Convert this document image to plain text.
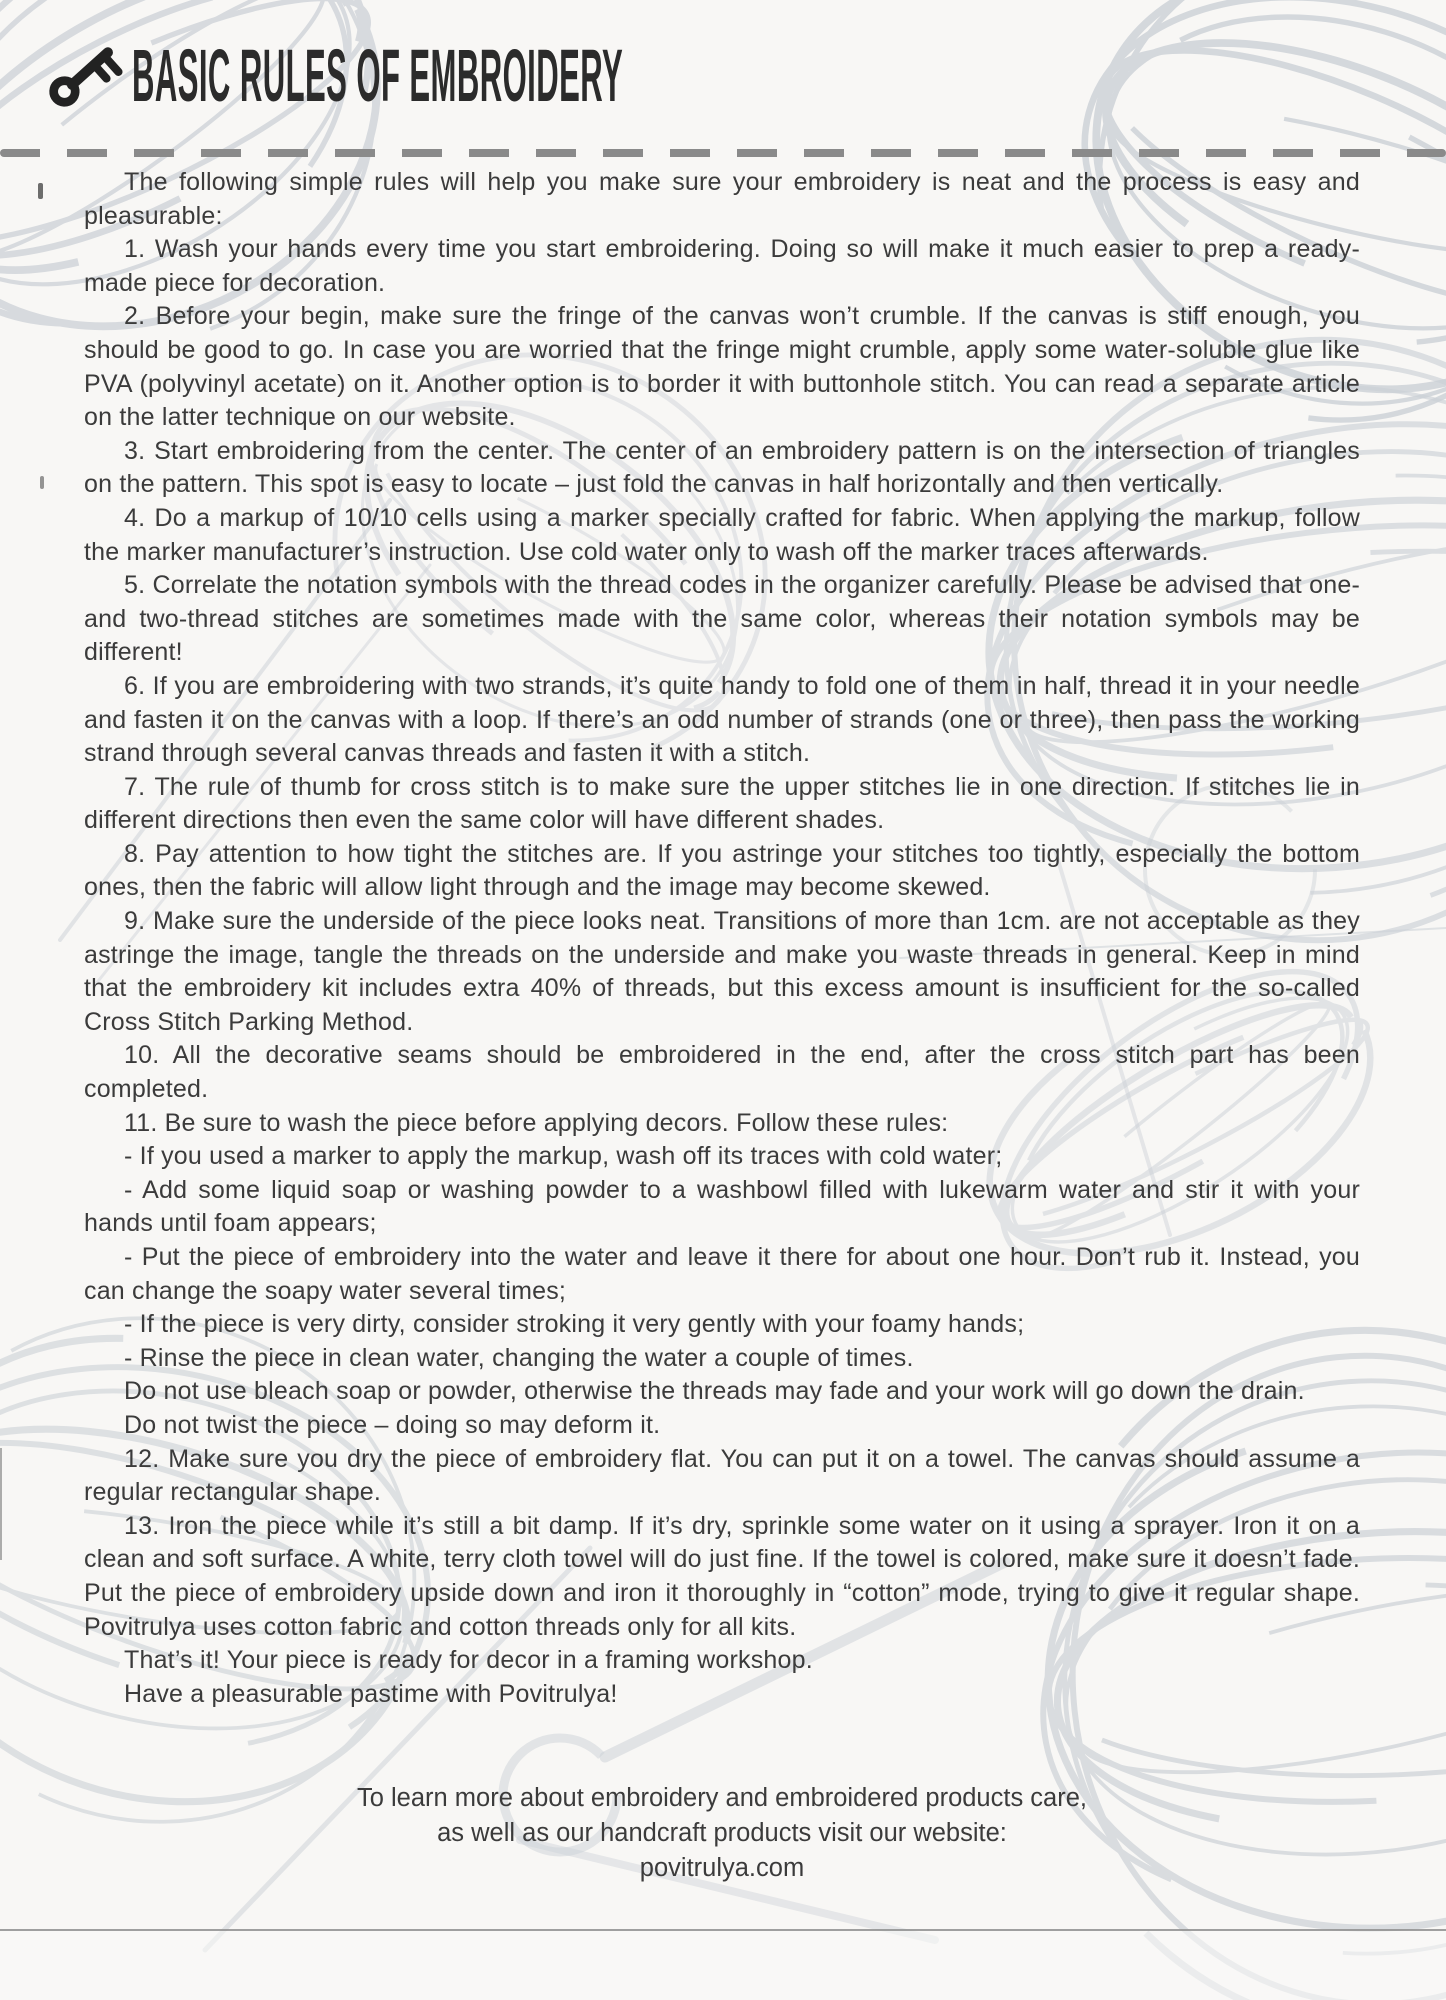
BASIC RULES OF EMBROIDERY

The following simple rules will help you make sure your embroidery is neat and the process is easy and pleasurable:

1. Wash your hands every time you start embroidering. Doing so will make it much easier to prep a ready-made piece for decoration.

2. Before your begin, make sure the fringe of the canvas won’t crumble. If the canvas is stiff enough, you should be good to go. In case you are worried that the fringe might crumble, apply some water-soluble glue like PVA (polyvinyl acetate) on it. Another option is to border it with buttonhole stitch. You can read a separate article on the latter technique on our website.

3. Start embroidering from the center. The center of an embroidery pattern is on the intersection of triangles on the pattern. This spot is easy to locate – just fold the canvas in half horizontally and then vertically.

4. Do a markup of 10/10 cells using a marker specially crafted for fabric. When applying the markup, follow the marker manufacturer’s instruction. Use cold water only to wash off the marker traces afterwards.

5. Correlate the notation symbols with the thread codes in the organizer carefully. Please be advised that one- and two-thread stitches are sometimes made with the same color, whereas their notation symbols may be different!

6. If you are embroidering with two strands, it’s quite handy to fold one of them in half, thread it in your needle and fasten it on the canvas with a loop. If there’s an odd number of strands (one or three), then pass the working strand through several canvas threads and fasten it with a stitch.

7. The rule of thumb for cross stitch is to make sure the upper stitches lie in one direction. If stitches lie in different directions then even the same color will have different shades.

8. Pay attention to how tight the stitches are. If you astringe your stitches too tightly, especially the bottom ones, then the fabric will allow light through and the image may become skewed.

9. Make sure the underside of the piece looks neat. Transitions of more than 1cm. are not acceptable as they astringe the image, tangle the threads on the underside and make you waste threads in general. Keep in mind that the embroidery kit includes extra 40% of threads, but this excess amount is insufficient for the so-called Cross Stitch Parking Method.

10. All the decorative seams should be embroidered in the end, after the cross stitch part has been completed.

11. Be sure to wash the piece before applying decors. Follow these rules:

- If you used a marker to apply the markup, wash off its traces with cold water;

- Add some liquid soap or washing powder to a washbowl filled with lukewarm water and stir it with your hands until foam appears;

- Put the piece of embroidery into the water and leave it there for about one hour. Don’t rub it. Instead, you can change the soapy water several times;

- If the piece is very dirty, consider stroking it very gently with your foamy hands;

- Rinse the piece in clean water, changing the water a couple of times.

Do not use bleach soap or powder, otherwise the threads may fade and your work will go down the drain.

Do not twist the piece – doing so may deform it.

12. Make sure you dry the piece of embroidery flat. You can put it on a towel. The canvas should assume a regular rectangular shape.

13. Iron the piece while it’s still a bit damp. If it’s dry, sprinkle some water on it using a sprayer. Iron it on a clean and soft surface. A white, terry cloth towel will do just fine. If the towel is colored, make sure it doesn’t fade. Put the piece of embroidery upside down and iron it thoroughly in “cotton” mode, trying to give it regular shape. Povitrulya uses cotton fabric and cotton threads only for all kits.

That’s it! Your piece is ready for decor in a framing workshop.

Have a pleasurable pastime with Povitrulya!

To learn more about embroidery and embroidered products care,
as well as our handcraft products visit our website:
povitrulya.com
